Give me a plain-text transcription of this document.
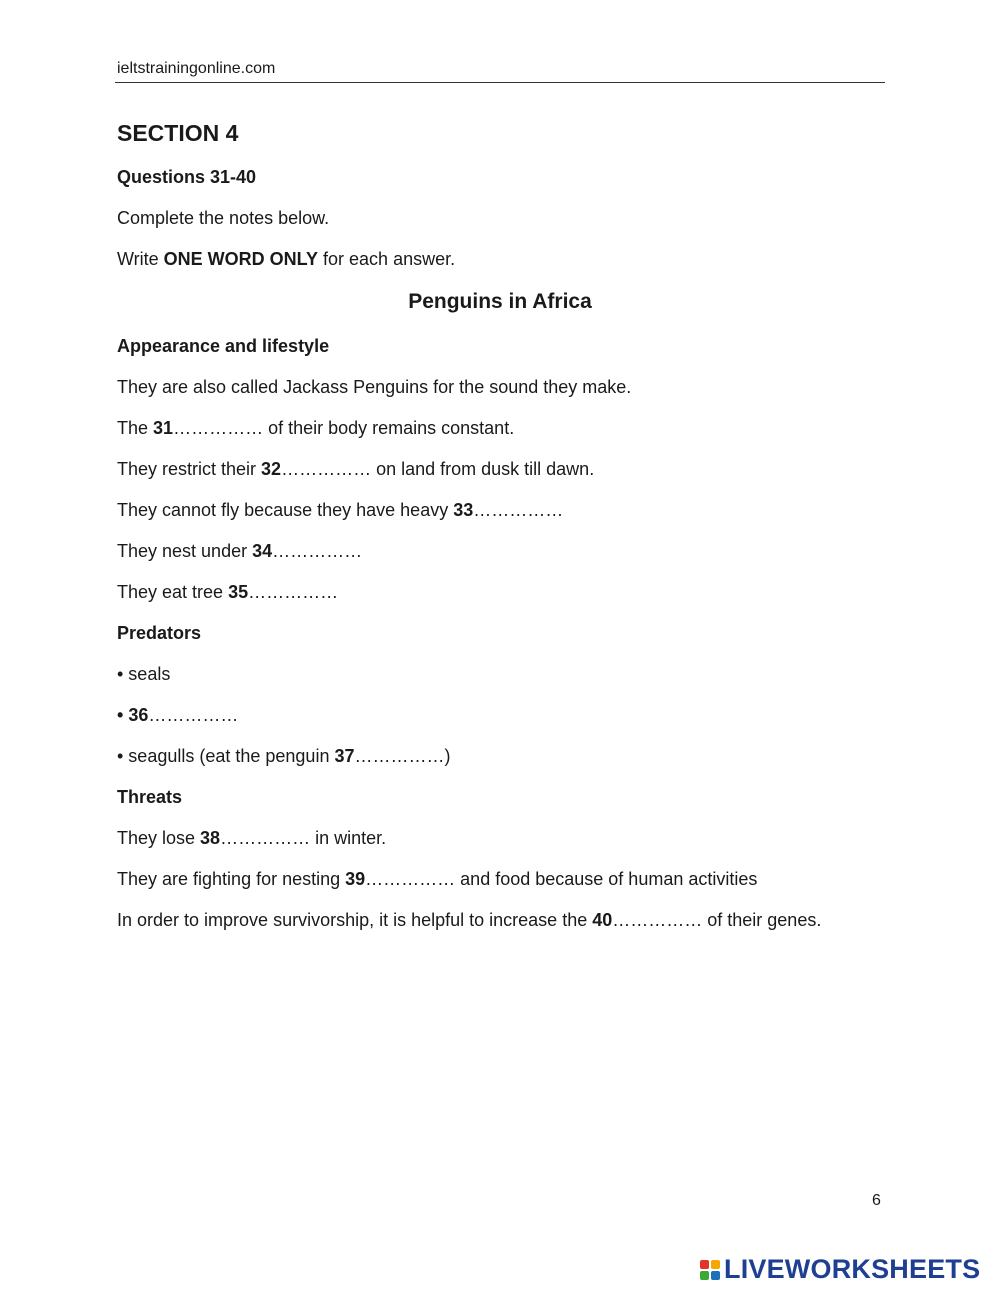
ieltstrainingonline.com
SECTION 4
Questions 31-40
Complete the notes below.
Write ONE WORD ONLY for each answer.
Penguins in Africa
Appearance and lifestyle
They are also called Jackass Penguins for the sound they make.
The 31…………… of their body remains constant.
They restrict their 32…………… on land from dusk till dawn.
They cannot fly because they have heavy 33……………
They nest under 34……………
They eat tree 35……………
Predators
• seals
• 36……………
• seagulls (eat the penguin 37……………)
Threats
They lose 38…………… in winter.
They are fighting for nesting 39…………… and food because of human activities
In order to improve survivorship, it is helpful to increase the 40…………… of their genes.
6
LIVEWORKSHEETS
